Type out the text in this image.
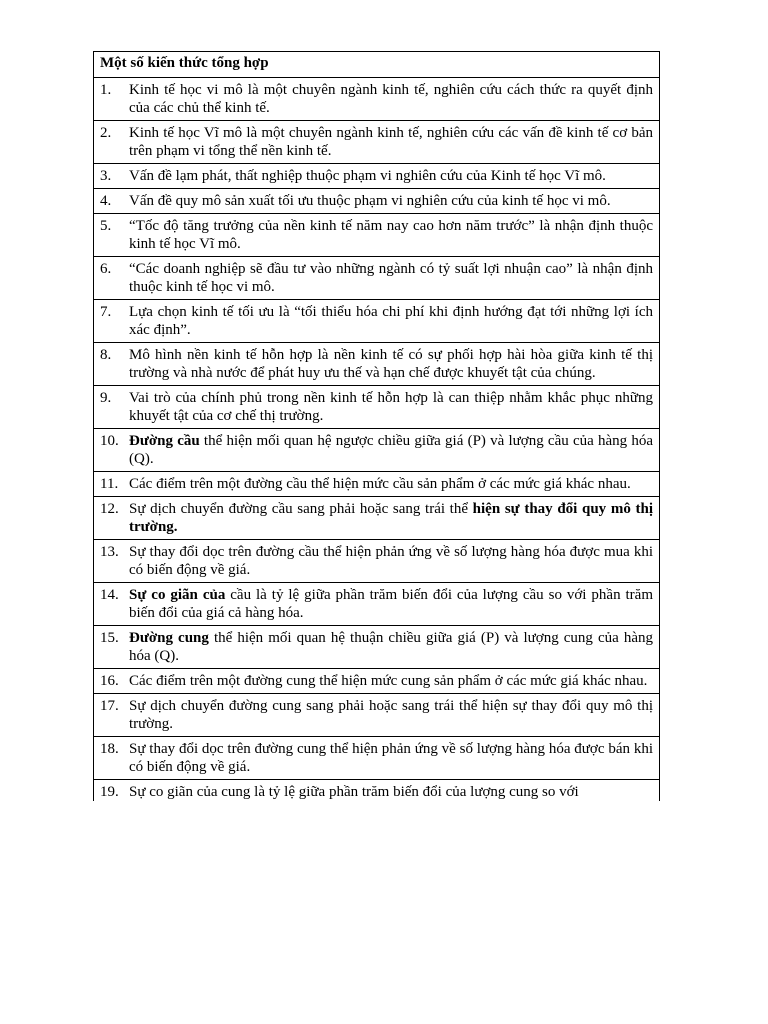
Một số kiến thức tổng hợp

1.	Kinh tế học vi mô là một chuyên ngành kinh tế, nghiên cứu cách thức ra quyết định của các chủ thể kinh tế.

2.	Kinh tế học Vĩ mô là một chuyên ngành kinh tế, nghiên cứu các vấn đề kinh tế cơ bản trên phạm vi tổng thể nền kinh tế.

3.	Vấn đề lạm phát, thất nghiệp thuộc phạm vi nghiên cứu của Kinh tế học Vĩ mô.

4.	Vấn đề quy mô sản xuất tối ưu thuộc phạm vi nghiên cứu của kinh tế học vi mô.

5.	“Tốc độ tăng trưởng của nền kinh tế năm nay cao hơn năm trước” là nhận định thuộc kinh tế học Vĩ mô.

6.	“Các doanh nghiệp sẽ đầu tư vào những ngành có tỷ suất lợi nhuận cao” là nhận định thuộc kinh tế học vi mô.

7.	Lựa chọn kinh tế tối ưu là “tối thiểu hóa chi phí khi định hướng đạt tới những lợi ích xác định”.

8.	Mô hình nền kinh tế hỗn hợp là nền kinh tế có sự phối hợp hài hòa giữa kinh tế thị trường và nhà nước để phát huy ưu thế và hạn chế được khuyết tật của chúng.

9.	Vai trò của chính phủ trong nền kinh tế hỗn hợp là can thiệp nhằm khắc phục những khuyết tật của cơ chế thị trường.

10. Đường cầu thể hiện mối quan hệ ngược chiều giữa giá (P) và lượng cầu của hàng hóa (Q).

11. Các điểm trên một đường cầu thể hiện mức cầu sản phẩm ở các mức giá khác nhau.

12. Sự dịch chuyển đường cầu sang phải hoặc sang trái thể hiện sự thay đổi quy mô thị trường.

13. Sự thay đổi dọc trên đường cầu thể hiện phản ứng về số lượng hàng hóa được mua khi có biến động về giá.

14. Sự co giãn của cầu là tỷ lệ giữa phần trăm biến đổi của lượng cầu so với phần trăm biến đổi của giá cả hàng hóa.

15. Đường cung thể hiện mối quan hệ thuận chiều giữa giá (P) và lượng cung của hàng hóa (Q).

16. Các điểm trên một đường cung thể hiện mức cung sản phẩm ở các mức giá khác nhau.

17. Sự dịch chuyển đường cung sang phải hoặc sang trái thể hiện sự thay đổi quy mô thị trường.

18. Sự thay đổi dọc trên đường cung thể hiện phản ứng về số lượng hàng hóa được bán khi có biến động về giá.

19. Sự co giãn của cung là tỷ lệ giữa phần trăm biến đổi của lượng cung so với
